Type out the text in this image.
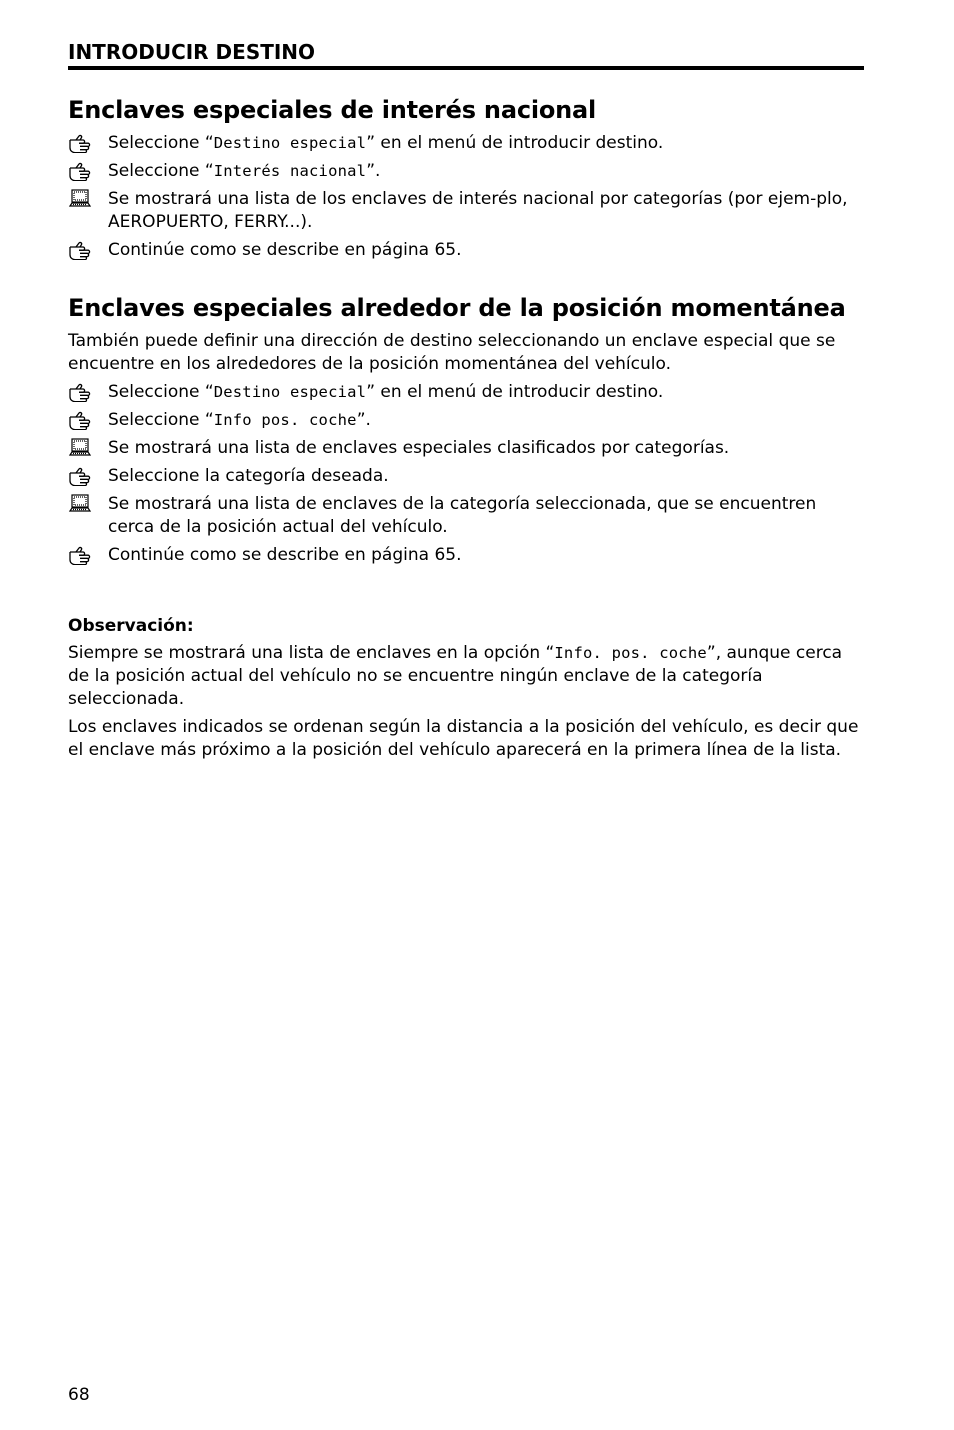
INTRODUCIR DESTINO
Enclaves especiales de interés nacional
Seleccione “Destino especial” en el menú de introducir destino.
Seleccione “Interés nacional”.
Se mostrará una lista de los enclaves de interés nacional por categorías (por ejem-plo, AEROPUERTO, FERRY...).
Continúe como se describe en página 65.
Enclaves especiales alrededor de la posición momentánea

También puede definir una dirección de destino seleccionando un enclave especial que se encuentre en los alrededores de la posición momentánea del vehículo.

Seleccione “Destino especial” en el menú de introducir destino.
Seleccione “Info pos. coche”.
Se mostrará una lista de enclaves especiales clasificados por categorías.
Seleccione la categoría deseada.
Se mostrará una lista de enclaves de la categoría seleccionada, que se encuentren cerca de la posición actual del vehículo.
Continúe como se describe en página 65.
Observación:

Siempre se mostrará una lista de enclaves en la opción “Info. pos. coche”, aunque cerca de la posición actual del vehículo no se encuentre ningún enclave de la categoría seleccionada.

Los enclaves indicados se ordenan según la distancia a la posición del vehículo, es decir que el enclave más próximo a la posición del vehículo aparecerá en la primera línea de la lista.

68
